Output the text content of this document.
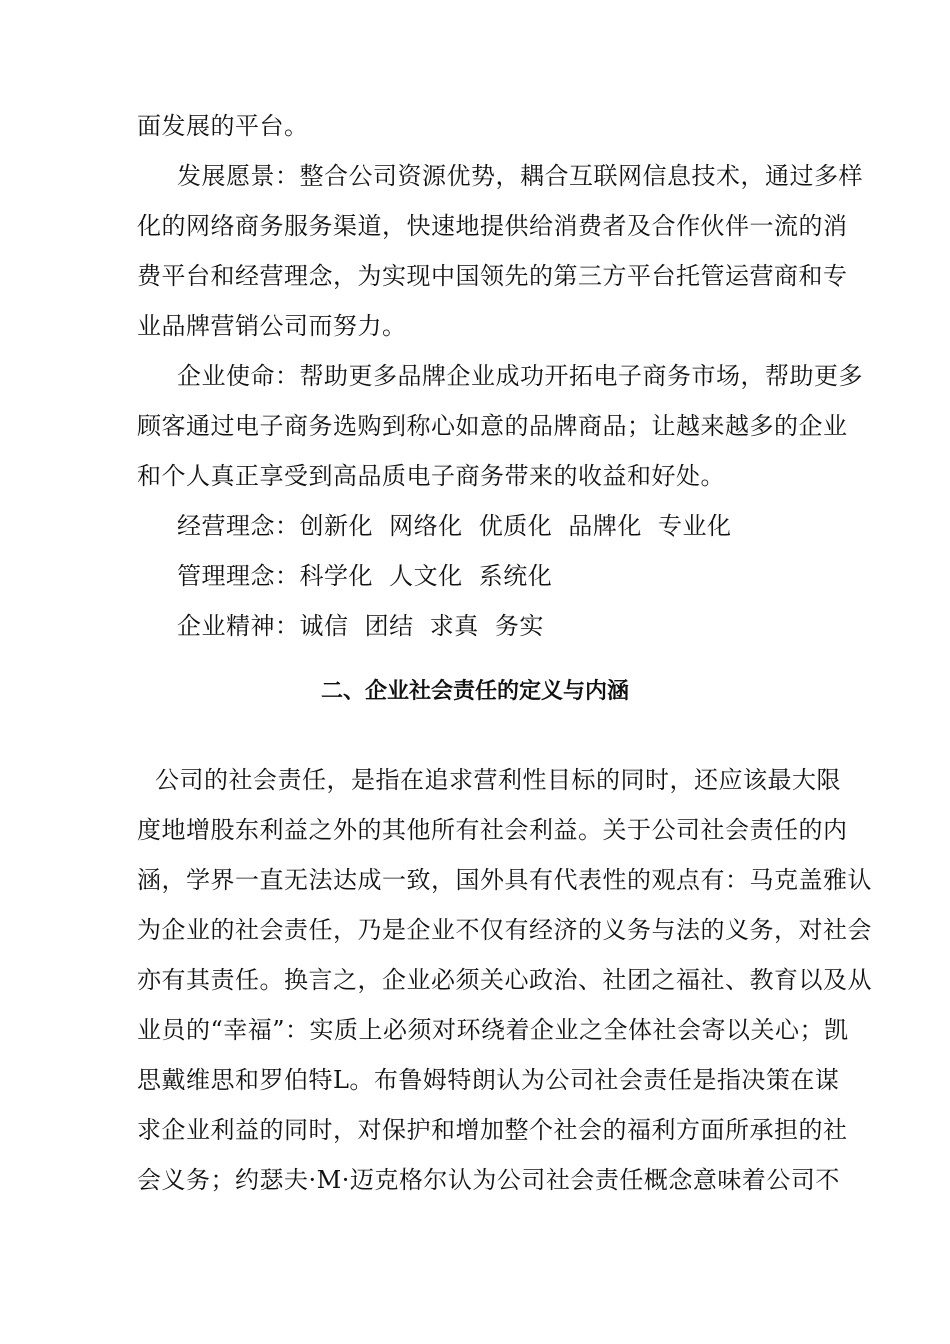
面发展的平台。
发展愿景：整合公司资源优势，耦合互联网信息技术，通过多样
化的网络商务服务渠道，快速地提供给消费者及合作伙伴一流的消
费平台和经营理念，为实现中国领先的第三方平台托管运营商和专
业品牌营销公司而努力。
企业使命：帮助更多品牌企业成功开拓电子商务市场，帮助更多
顾客通过电子商务选购到称心如意的品牌商品；让越来越多的企业
和个人真正享受到高品质电子商务带来的收益和好处。
经营理念：创新化 网络化 优质化 品牌化 专业化
管理理念：科学化 人文化 系统化
企业精神：诚信 团结 求真 务实
二、企业社会责任的定义与内涵
公司的社会责任，是指在追求营利性目标的同时，还应该最大限
度地增股东利益之外的其他所有社会利益。关于公司社会责任的内
涵，学界一直无法达成一致，国外具有代表性的观点有：马克盖雅认
为企业的社会责任，乃是企业不仅有经济的义务与法的义务，对社会
亦有其责任。换言之，企业必须关心政治、社团之福社、教育以及从
业员的“幸福”：实质上必须对环绕着企业之全体社会寄以关心；凯
思戴维思和罗伯特L。布鲁姆特朗认为公司社会责任是指决策在谋
求企业利益的同时，对保护和增加整个社会的福利方面所承担的社
会义务；约瑟夫·M·迈克格尔认为公司社会责任概念意味着公司不
